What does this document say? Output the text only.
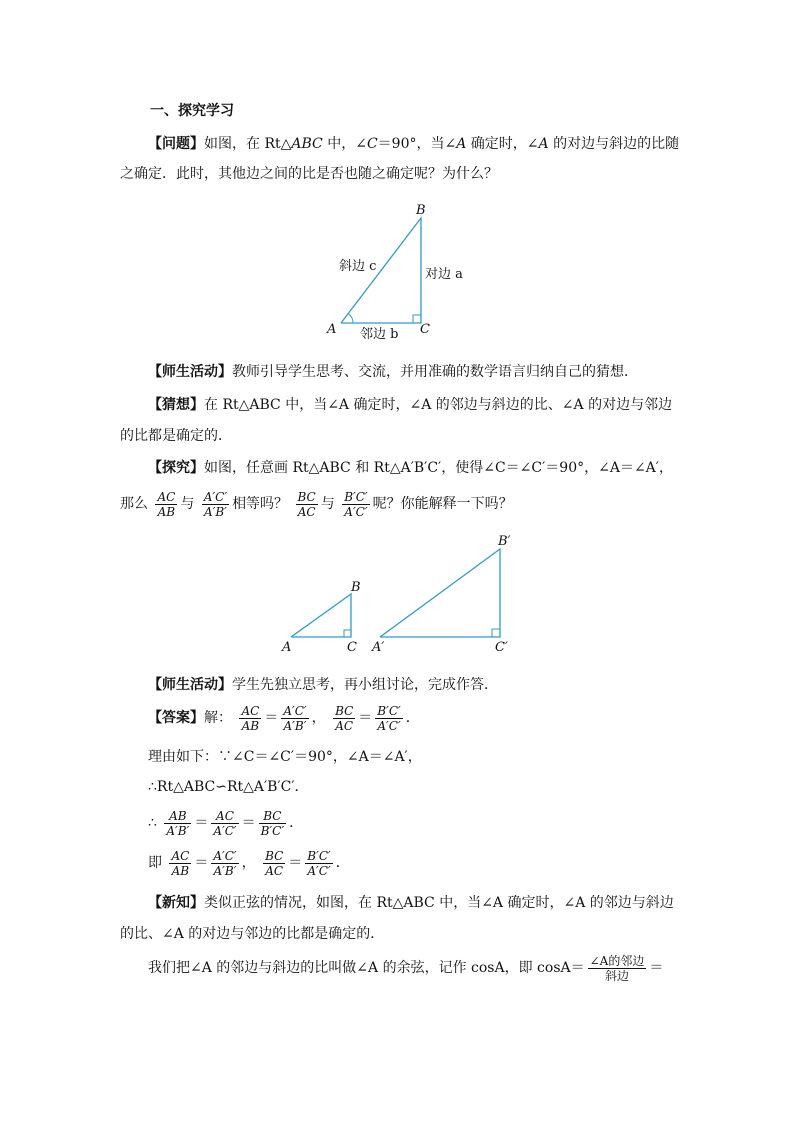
一、探究学习
【问题】如图，在 Rt△ABC 中，∠C＝90°，当∠A 确定时，∠A 的对边与斜边的比随
之确定．此时，其他边之间的比是否也随之确定呢？为什么？
B
A	C
斜边 c
对边 a
邻边 b
【师生活动】教师引导学生思考、交流，并用准确的数学语言归纳自己的猜想．
【猜想】在 Rt△ABC 中，当∠A 确定时，∠A 的邻边与斜边的比、∠A 的对边与邻边
的比都是确定的．
【探究】如图，任意画 Rt△ABC 和 Rt△A′B′C′，使得∠C＝∠C′＝90°，∠A＝∠A′，
那么 $\frac{AC}{AB}$ 与 $\frac{A'C'}{A'B'}$ 相等吗？ $\frac{BC}{AC}$ 与 $\frac{B'C'}{A'C'}$ 呢？你能解释一下吗？
B
A	C
B′
A′	C′
【师生活动】学生先独立思考，再小组讨论，完成作答．
【答案】解： $\frac{AC}{AB} = \frac{A'C'}{A'B'}$ ， $\frac{BC}{AC} = \frac{B'C'}{A'C'}$ ．
理由如下：∵∠C＝∠C′＝90°，∠A＝∠A′，
∴Rt△ABC∽Rt△A′B′C′．
∴ $\frac{AB}{A'B'} = \frac{AC}{A'C'} = \frac{BC}{B'C'}$ ．
即 $\frac{AC}{AB} = \frac{A'C'}{A'B'}$ ， $\frac{BC}{AC} = \frac{B'C'}{A'C'}$ ．
【新知】类似正弦的情况，如图，在 Rt△ABC 中，当∠A 确定时，∠A 的邻边与斜边
的比、∠A 的对边与邻边的比都是确定的．
我们把∠A 的邻边与斜边的比叫做∠A 的余弦，记作 cosA，即 $\cos A= \frac{\text{∠A的邻边}}{\text{斜边}}$ ＝
